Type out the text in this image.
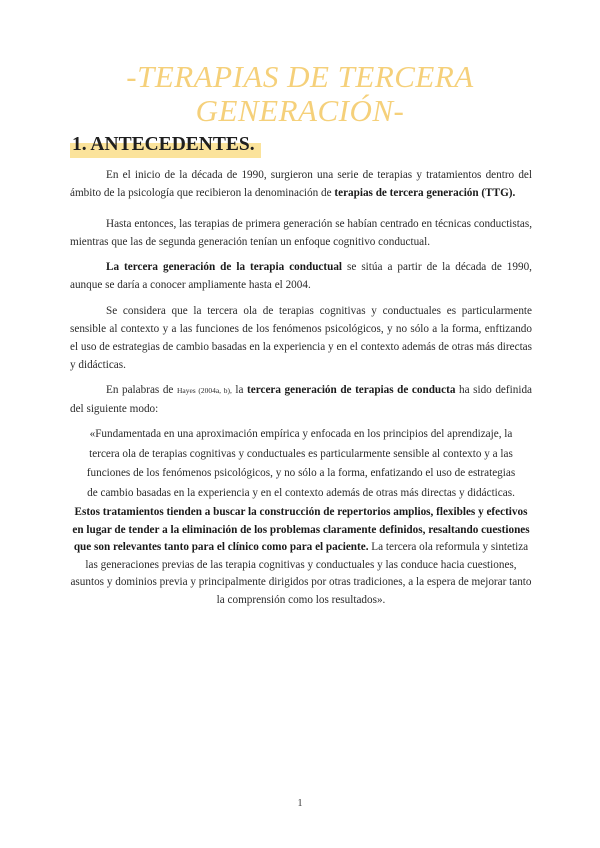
-TERAPIAS DE TERCERA
GENERACIÓN-
1. ANTECEDENTES.
En el inicio de la década de 1990, surgieron una serie de terapias y tratamientos dentro del ámbito de la psicología que recibieron la denominación de terapias de tercera generación (TTG).
Hasta entonces, las terapias de primera generación se habían centrado en técnicas conductistas, mientras que las de segunda generación tenían un enfoque cognitivo conductual.
La tercera generación de la terapia conductual se sitúa a partir de la década de 1990, aunque se daría a conocer ampliamente hasta el 2004.
Se considera que la tercera ola de terapias cognitivas y conductuales es particularmente sensible al contexto y a las funciones de los fenómenos psicológicos, y no sólo a la forma, enftizando el uso de estrategias de cambio basadas en la experiencia y en el contexto además de otras más directas y didácticas.
En palabras de Hayes (2004a, b), la tercera generación de terapias de conducta ha sido definida del siguiente modo:
«Fundamentada en una aproximación empírica y enfocada en los principios del aprendizaje, la tercera ola de terapias cognitivas y conductuales es particularmente sensible al contexto y a las funciones de los fenómenos psicológicos, y no sólo a la forma, enfatizando el uso de estrategias de cambio basadas en la experiencia y en el contexto además de otras más directas y didácticas.
Estos tratamientos tienden a buscar la construcción de repertorios amplios, flexibles y efectivos en lugar de tender a la eliminación de los problemas claramente definidos, resaltando cuestiones que son relevantes tanto para el clínico como para el paciente. La tercera ola reformula y sintetiza las generaciones previas de las terapia cognitivas y conductuales y las conduce hacia cuestiones, asuntos y dominios previa y principalmente dirigidos por otras tradiciones, a la espera de mejorar tanto la comprensión como los resultados».
1
